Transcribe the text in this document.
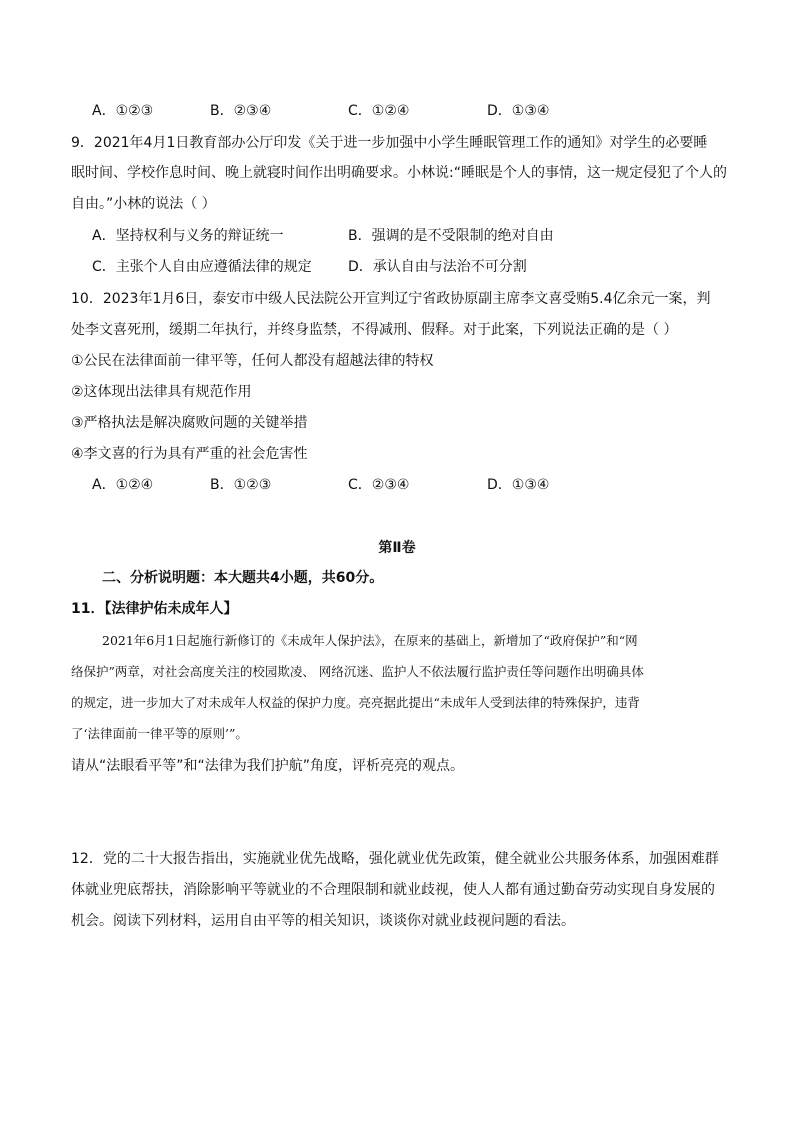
A．①②③	B．②③④	C．①②④	D．①③④
9．2021年4月1日教育部办公厅印发《关于进一步加强中小学生睡眠管理工作的通知》对学生的必要睡
眠时间、学校作息时间、晚上就寝时间作出明确要求。小林说:“睡眠是个人的事情，这一规定侵犯了个人的
自由。”小林的说法（ ）
A．坚持权利与义务的辩证统一	B．强调的是不受限制的绝对自由
C．主张个人自由应遵循法律的规定	D．承认自由与法治不可分割
10．2023年1月6日，泰安市中级人民法院公开宣判辽宁省政协原副主席李文喜受贿5.4亿余元一案，判
处李文喜死刑，缓期二年执行，并终身监禁，不得减刑、假释。对于此案，下列说法正确的是（ ）
①公民在法律面前一律平等，任何人都没有超越法律的特权
②这体现出法律具有规范作用
③严格执法是解决腐败问题的关键举措
④李文喜的行为具有严重的社会危害性
A．①②④	B．①②③	C．②③④	D．①③④
第Ⅱ卷
二、分析说明题：本大题共4小题，共60分。
11．【法律护佑未成年人】
2021年6月1日起施行新修订的《未成年人保护法》，在原来的基础上，新增加了“政府保护”和“网
络保护”两章，对社会高度关注的校园欺凌、 网络沉迷、监护人不依法履行监护责任等问题作出明确具体
的规定，进一步加大了对未成年人权益的保护力度。亮亮据此提出“未成年人受到法律的特殊保护，违背
了‘法律面前一律平等的原则’”。
请从“法眼看平等”和“法律为我们护航”角度，评析亮亮的观点。
12．党的二十大报告指出，实施就业优先战略，强化就业优先政策，健全就业公共服务体系，加强困难群
体就业兜底帮扶，消除影响平等就业的不合理限制和就业歧视，使人人都有通过勤奋劳动实现自身发展的
机会。阅读下列材料，运用自由平等的相关知识，谈谈你对就业歧视问题的看法。
